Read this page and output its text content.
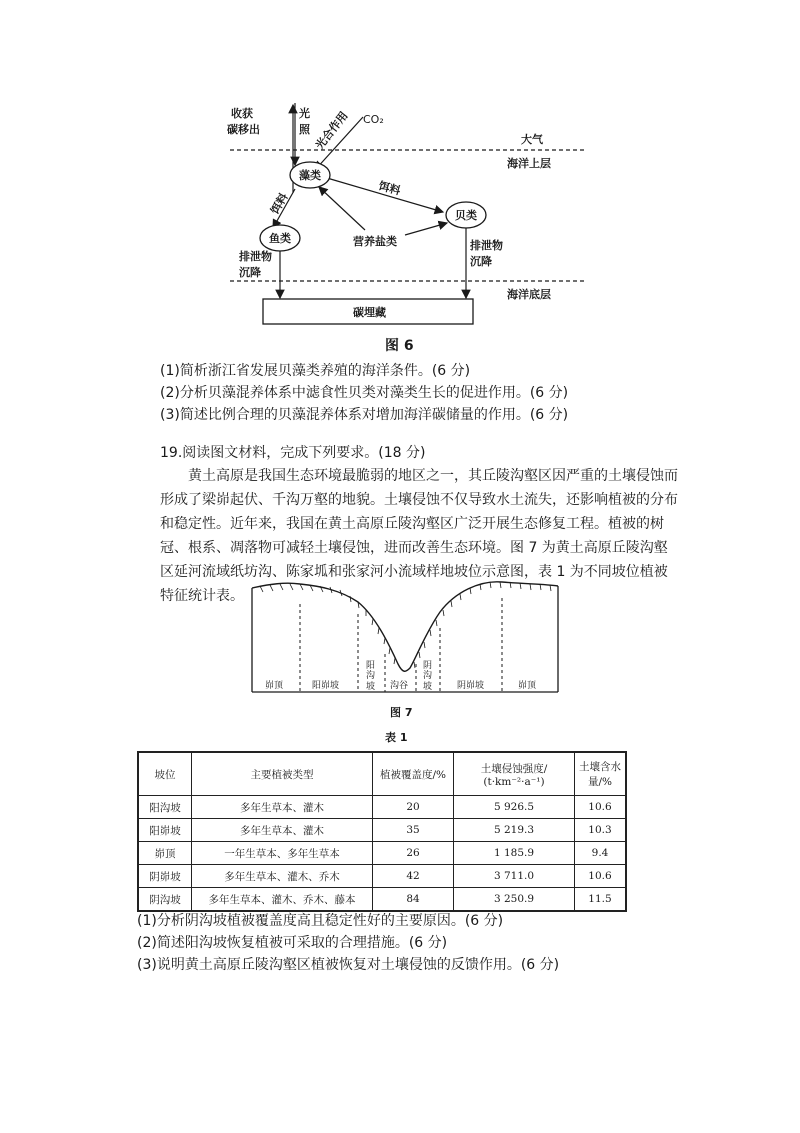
收获
碳移出
光
照 光合作用 CO₂
大气
海洋上层
藻类
饵料
饵料
鱼类
贝类
营养盐类
排泄物
沉降
排泄物
沉降
海洋底层
碳埋藏
图 6
(1)简析浙江省发展贝藻类养殖的海洋条件。(6 分)
(2)分析贝藻混养体系中滤食性贝类对藻类生长的促进作用。(6 分)
(3)简述比例合理的贝藻混养体系对增加海洋碳储量的作用。(6 分)
19.阅读图文材料，完成下列要求。(18 分)
黄土高原是我国生态环境最脆弱的地区之一，其丘陵沟壑区因严重的土壤侵蚀而形成了梁峁起伏、千沟万壑的地貌。土壤侵蚀不仅导致水土流失，还影响植被的分布和稳定性。近年来，我国在黄土高原丘陵沟壑区广泛开展生态修复工程。植被的树冠、根系、凋落物可减轻土壤侵蚀，进而改善生态环境。图 7 为黄土高原丘陵沟壑区延河流域纸坊沟、陈家坬和张家河小流域样地坡位示意图，表 1 为不同坡位植被特征统计表。
峁顶	阳峁坡
阳
沟
坡 沟谷
阴
沟
坡	阴峁坡	峁顶
图 7
表 1
坡位	主要植被类型	植被覆盖度/%	土壤侵蚀强度/
(t·km⁻²·a⁻¹)	土壤含水量/%
阳沟坡	多年生草本、灌木	20	5 926.5	10.6
阳峁坡	多年生草本、灌木	35	5 219.3	10.3
峁顶	一年生草本、多年生草本	26	1 185.9	9.4
阴峁坡	多年生草本、灌木、乔木	42	3 711.0	10.6
阴沟坡	多年生草本、灌木、乔木、藤本	84	3 250.9	11.5
(1)分析阴沟坡植被覆盖度高且稳定性好的主要原因。(6 分)
(2)简述阳沟坡恢复植被可采取的合理措施。(6 分)
(3)说明黄土高原丘陵沟壑区植被恢复对土壤侵蚀的反馈作用。(6 分)
